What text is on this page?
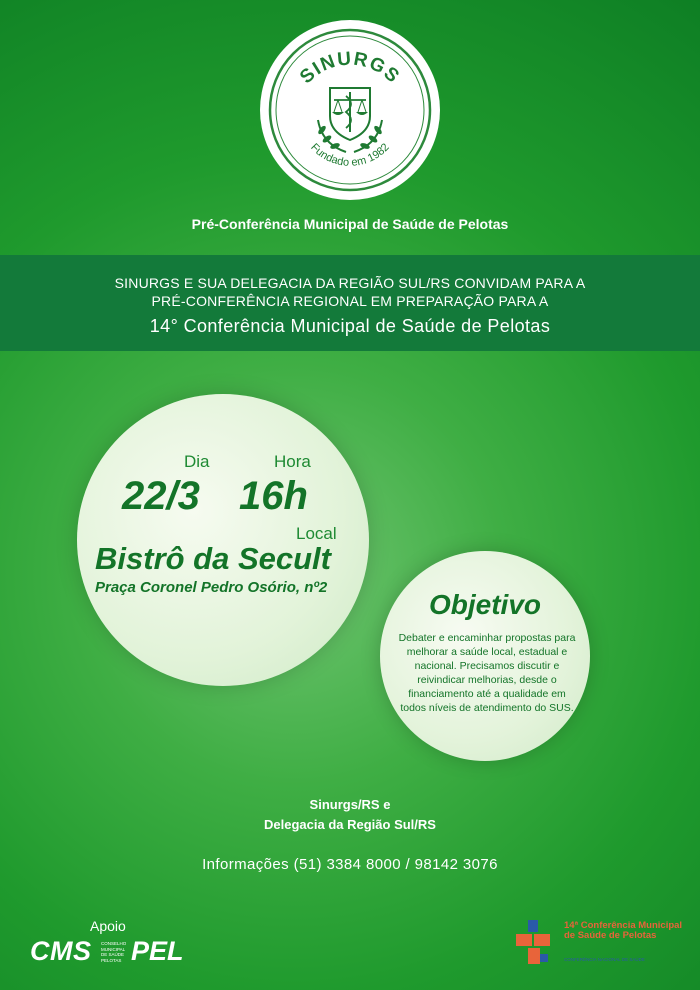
SINURGS
Fundado em 1982
Pré-Conferência Municipal de Saúde de Pelotas
SINURGS E SUA DELEGACIA DA REGIÃO SUL/RS CONVIDAM PARA A
PRÉ-CONFERÊNCIA REGIONAL EM PREPARAÇÃO PARA A
14° Conferência Municipal de Saúde de Pelotas
Dia	Hora
22/3 16h
Local
Bistrô da Secult
Praça Coronel Pedro Osório, nº2
Objetivo
Debater e encaminhar propostas para melhorar a saúde local, estadual e nacional. Precisamos discutir e reivindicar melhorias, desde o financiamento até a qualidade em todos níveis de atendimento do SUS.
Sinurgs/RS e
Delegacia da Região Sul/RS
Informações (51) 3384 8000 / 98142 3076
Apoio
CMS CONSELHO MUNICIPAL DE SAÚDE PELOTAS PEL
14ª Conferência Municipal de Saúde de Pelotas
CONFERÊNCIA NACIONAL DE SAÚDE
